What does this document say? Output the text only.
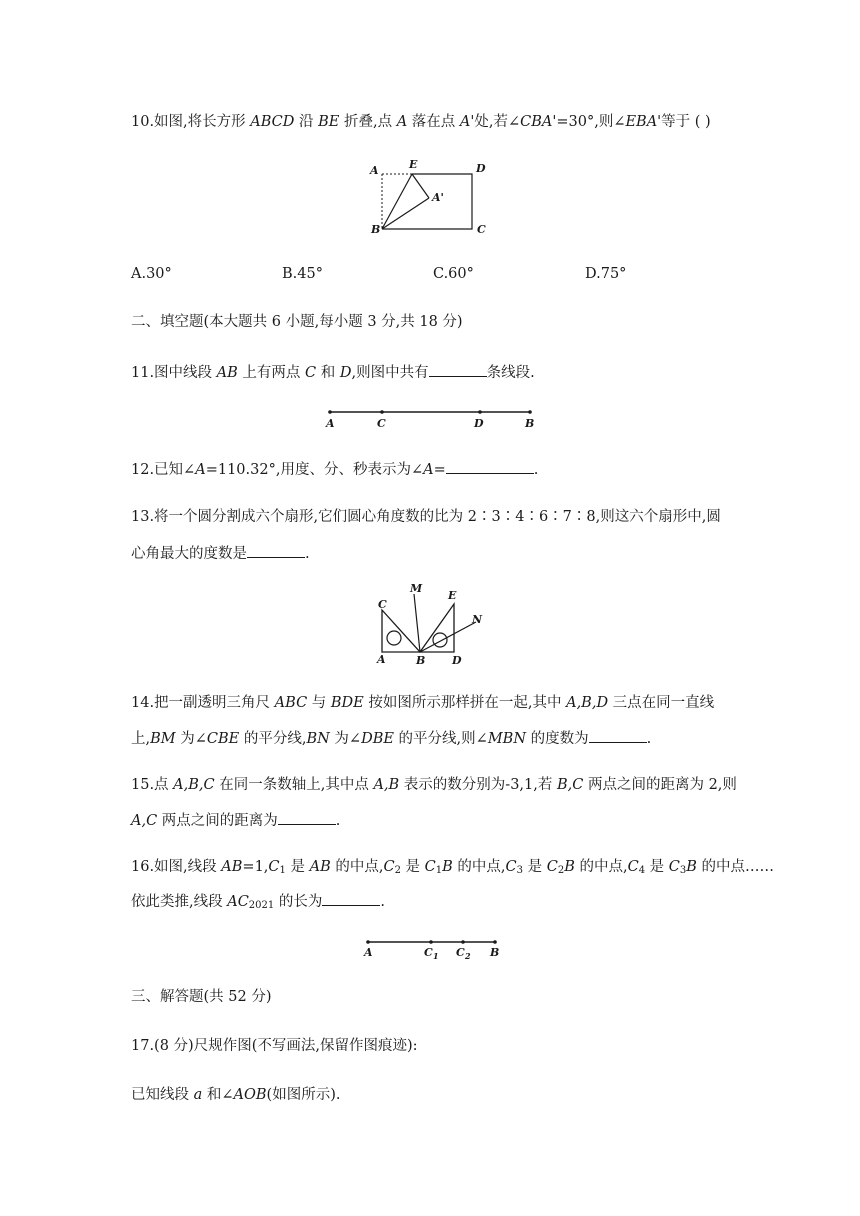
10.如图,将长方形 ABCD 沿 BE 折叠,点 A 落在点 A'处,若∠CBA'=30°,则∠EBA'等于 ( )
A	E	D
A'
B	C
A.30°	B.45°	C.60°	D.75°
二、填空题(本大题共 6 小题,每小题 3 分,共 18 分)
11.图中线段 AB 上有两点 C 和 D,则图中共有	条线段.
A	C	D	B
12.已知∠A=110.32°,用度、分、秒表示为∠A=	.
13.将一个圆分割成六个扇形,它们圆心角度数的比为 2∶3∶4∶6∶7∶8,则这六个扇形中,圆
心角最大的度数是	.
C
M
E
N
A	B D
14.把一副透明三角尺 ABC 与 BDE 按如图所示那样拼在一起,其中 A,B,D 三点在同一直线
上,BM 为∠CBE 的平分线,BN 为∠DBE 的平分线,则∠MBN 的度数为	.
15.点 A,B,C 在同一条数轴上,其中点 A,B 表示的数分别为-3,1,若 B,C 两点之间的距离为 2,则
A,C 两点之间的距离为	.
16.如图,线段 $AB=1,C_1$ 是 AB 的中点$,C_2$ 是 $C_1B$ 的中点$,C_3$ 是 $C_2B$ 的中点$,C_4$ 是 $C_3B$ 的中点……
依此类推,线段 $AC_{2021}$ 的长为	.
A	C 1 C 2 B
三、解答题(共 52 分)
17.(8 分)尺规作图(不写画法,保留作图痕迹):
已知线段 a 和∠AOB(如图所示).
